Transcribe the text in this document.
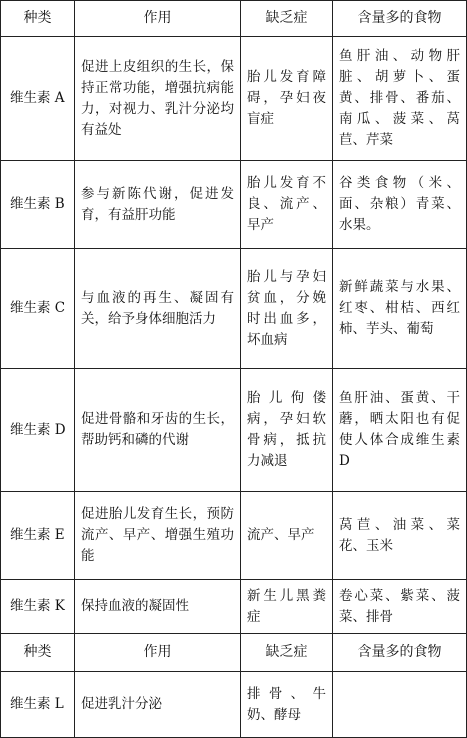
种类	作用	缺乏症	含量多的食物
维生素 A	促进上皮组织的生长，保持正常功能，增强抗病能力，对视力、乳汁分泌均有益处	胎儿发育障碍，孕妇夜盲症	鱼肝油、动物肝脏、胡萝卜、蛋黄、排骨、番茄、南瓜、菠菜、莴苣、芹菜
维生素 B	参与新陈代谢，促进发育，有益肝功能	胎儿发育不良、流产、早产	谷类食物（米、面、杂粮）青菜、水果。
维生素 C	与血液的再生、凝固有关，给予身体细胞活力	胎儿与孕妇贫血，分娩时出血多，坏血病	新鲜蔬菜与水果、红枣、柑桔、西红柿、芋头、葡萄
维生素 D	促进骨骼和牙齿的生长，帮助钙和磷的代谢	胎儿佝偻病，孕妇软骨病，抵抗力减退	鱼肝油、蛋黄、干蘑，晒太阳也有促使人体合成维生素 D
维生素 E	促进胎儿发育生长，预防流产、早产、增强生殖功能	流产、早产	莴苣、油菜、菜花、玉米
维生素 K	保持血液的凝固性	新生儿黑粪症	卷心菜、紫菜、菠菜、排骨
种类	作用	缺乏症	含量多的食物
维生素 L	促进乳汁分泌	排骨、牛奶、酵母	
